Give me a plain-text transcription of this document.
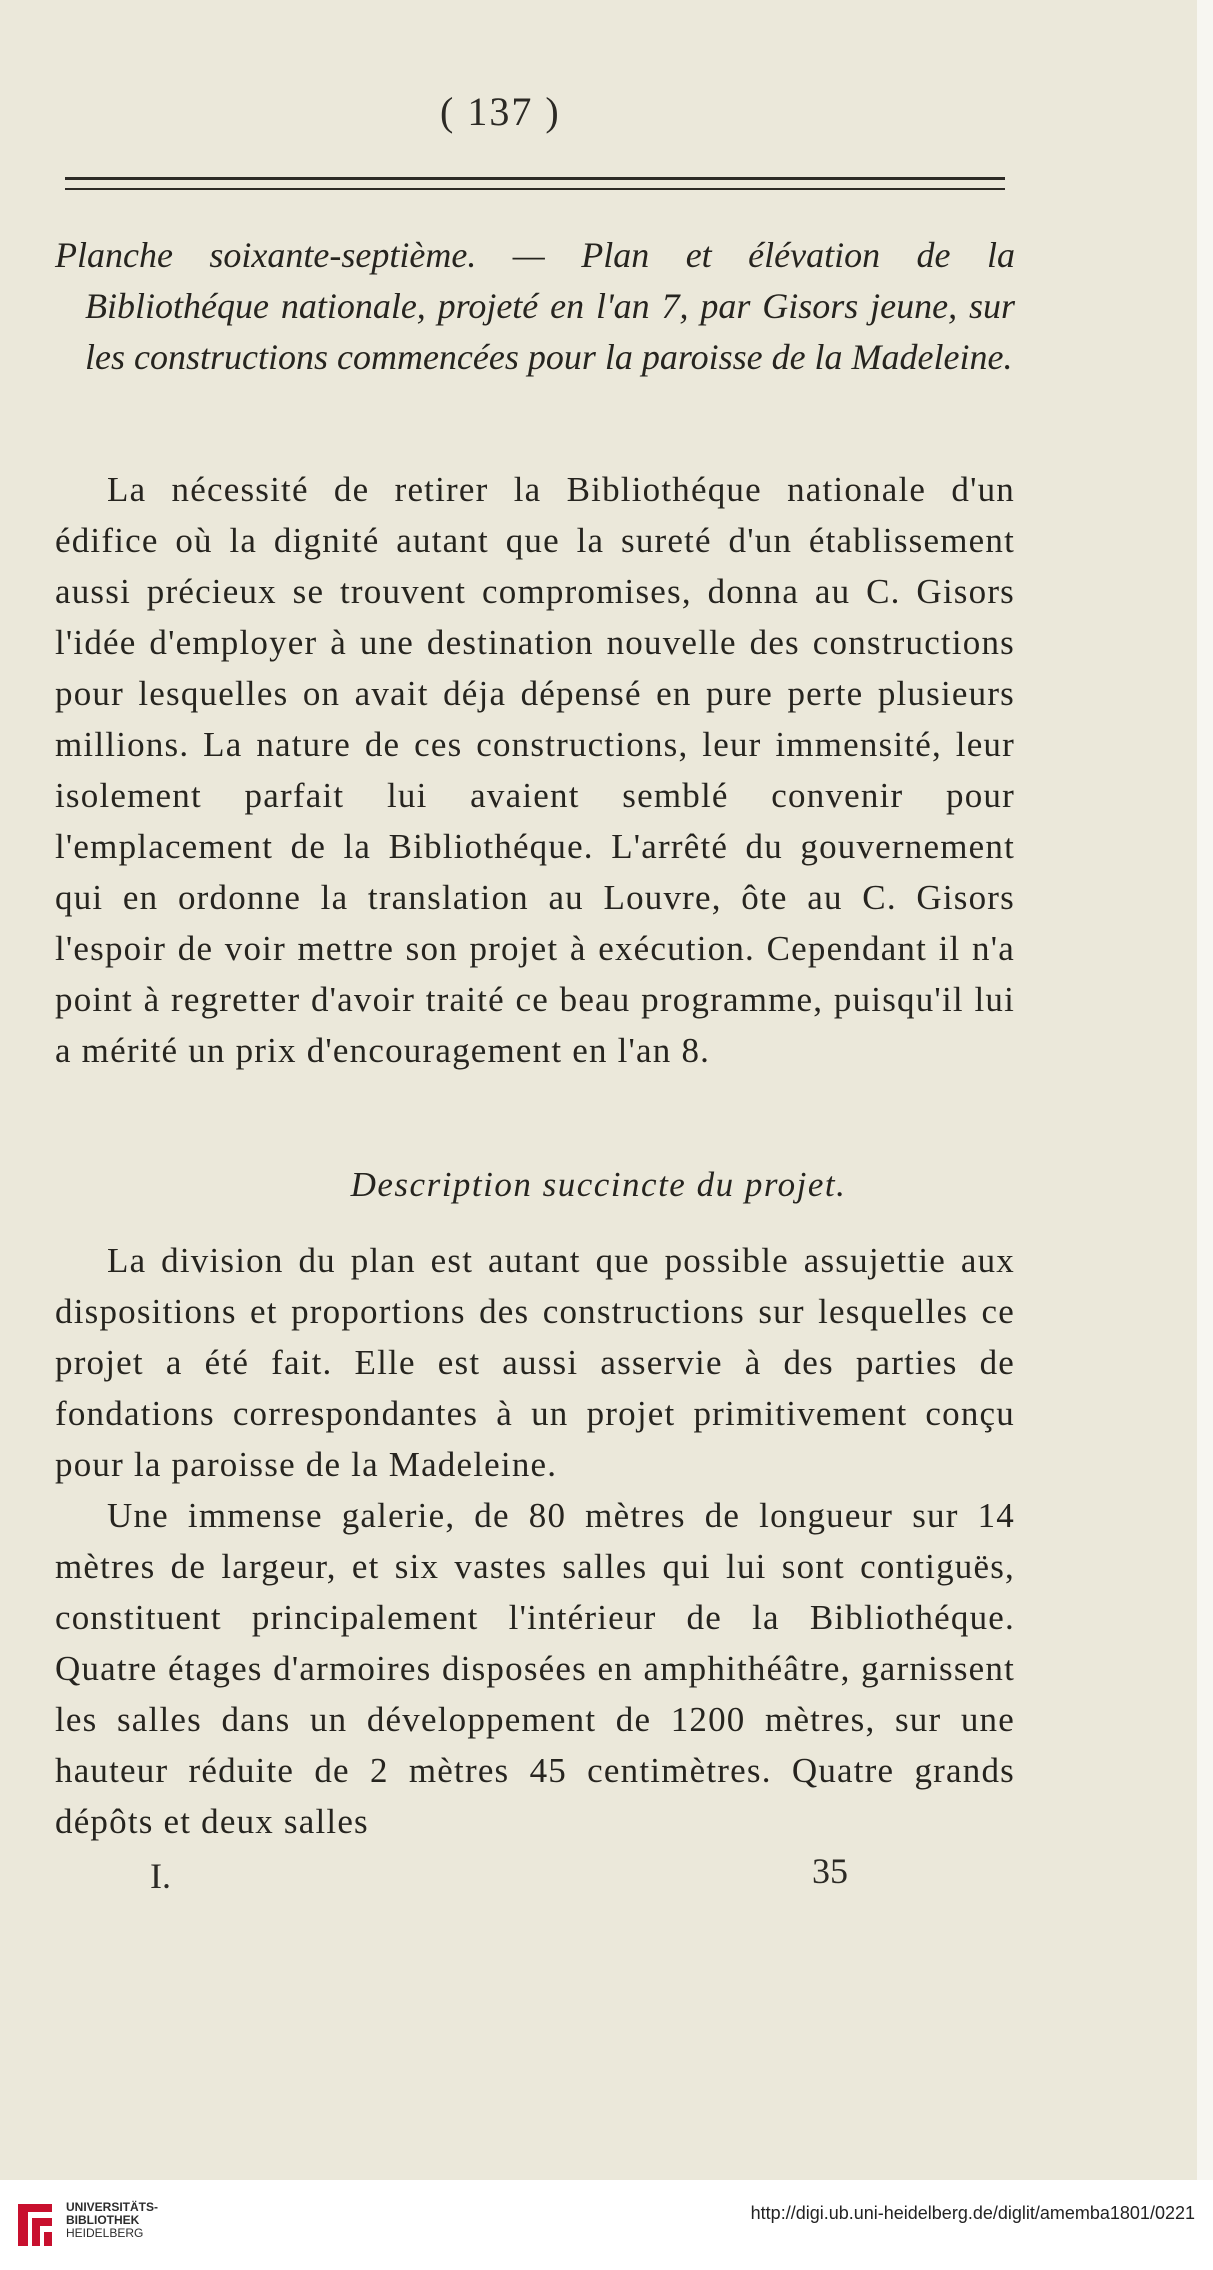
( 137 )

Planche soixante-septième. — Plan et élévation de la Bibliothéque nationale, projeté en l'an 7, par Gisors jeune, sur les constructions commencées pour la paroisse de la Madeleine.

La nécessité de retirer la Bibliothéque nationale d'un édifice où la dignité autant que la sureté d'un établissement aussi précieux se trouvent compromises, donna au C. Gisors l'idée d'employer à une destination nouvelle des constructions pour lesquelles on avait déja dépensé en pure perte plusieurs millions. La nature de ces constructions, leur immensité, leur isolement parfait lui avaient semblé convenir pour l'emplacement de la Bibliothéque. L'arrêté du gouvernement qui en ordonne la translation au Louvre, ôte au C. Gisors l'espoir de voir mettre son projet à exécution. Cependant il n'a point à regretter d'avoir traité ce beau programme, puisqu'il lui a mérité un prix d'encouragement en l'an 8.

Description succincte du projet.

La division du plan est autant que possible assujettie aux dispositions et proportions des constructions sur lesquelles ce projet a été fait. Elle est aussi asservie à des parties de fondations correspondantes à un projet primitivement conçu pour la paroisse de la Madeleine.

Une immense galerie, de 80 mètres de longueur sur 14 mètres de largeur, et six vastes salles qui lui sont contiguës, constituent principalement l'intérieur de la Bibliothéque. Quatre étages d'armoires disposées en amphithéâtre, garnissent les salles dans un développement de 1200 mètres, sur une hauteur réduite de 2 mètres 45 centimètres. Quatre grands dépôts et deux salles

I.	35
UNIVERSITÄTS-
BIBLIOTHEK
HEIDELBERG
http://digi.ub.uni-heidelberg.de/diglit/amemba1801/0221
